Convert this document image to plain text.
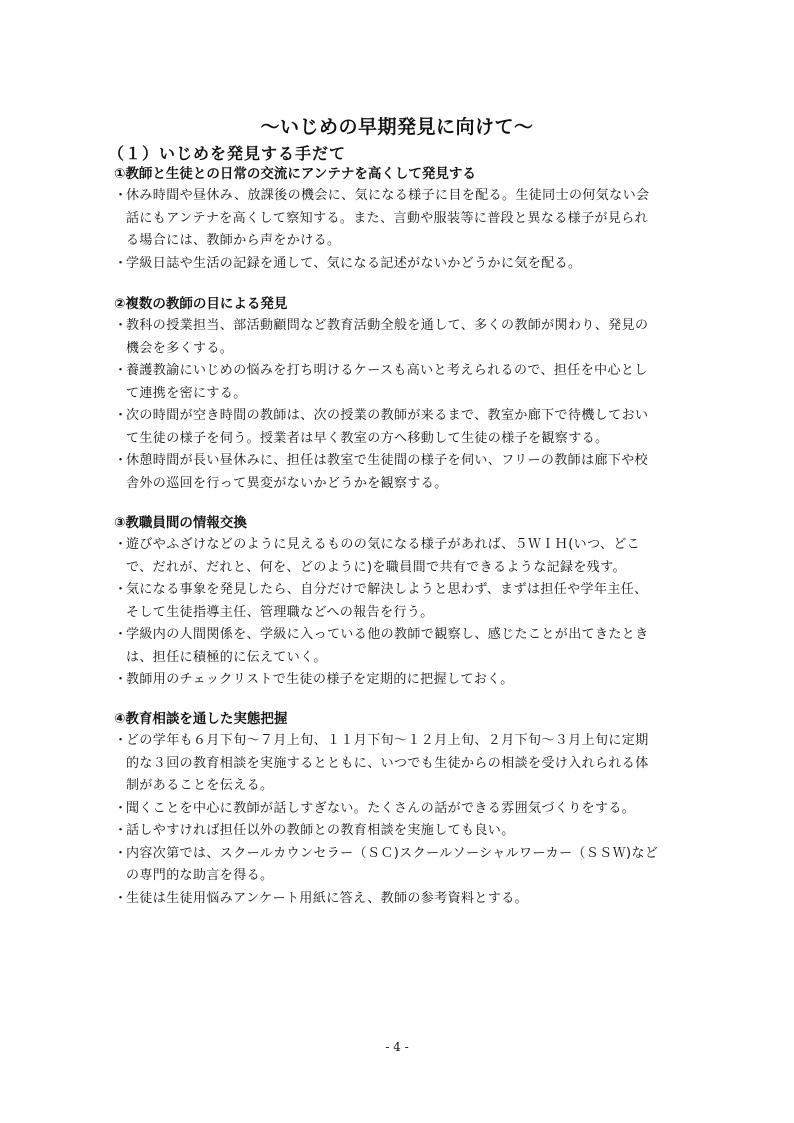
～いじめの早期発見に向けて～
（１）いじめを発見する手だて
①教師と生徒との日常の交流にアンテナを高くして発見する
・
休み時間や昼休み、放課後の機会に、気になる様子に目を配る。生徒同士の何気ない会
話にもアンテナを高くして察知する。また、言動や服装等に普段と異なる様子が見られ
る場合には、教師から声をかける。
・
学級日誌や生活の記録を通して、気になる記述がないかどうかに気を配る。
②複数の教師の目による発見
・
教科の授業担当、部活動顧問など教育活動全般を通して、多くの教師が関わり、発見の
機会を多くする。
・
養護教諭にいじめの悩みを打ち明けるケースも高いと考えられるので、担任を中心とし
て連携を密にする。
・
次の時間が空き時間の教師は、次の授業の教師が来るまで、教室か廊下で待機しておい
て生徒の様子を伺う。授業者は早く教室の方へ移動して生徒の様子を観察する。
・
休憩時間が長い昼休みに、担任は教室で生徒間の様子を伺い、フリーの教師は廊下や校
舎外の巡回を行って異変がないかどうかを観察する。
③教職員間の情報交換
・
遊びやふざけなどのように見えるものの気になる様子があれば、５ＷＩＨ(いつ、どこ
で、だれが、だれと、何を、どのように)を職員間で共有できるような記録を残す。
・
気になる事象を発見したら、自分だけで解決しようと思わず、まずは担任や学年主任、
そして生徒指導主任、管理職などへの報告を行う。
・
学級内の人間関係を、学級に入っている他の教師で観察し、感じたことが出てきたとき
は、担任に積極的に伝えていく。
・
教師用のチェックリストで生徒の様子を定期的に把握しておく。
④教育相談を通した実態把握
・
どの学年も６月下旬～７月上旬、１１月下旬～１２月上旬、２月下旬～３月上旬に定期
的な３回の教育相談を実施するとともに、いつでも生徒からの相談を受け入れられる体
制があることを伝える。
・
聞くことを中心に教師が話しすぎない。たくさんの話ができる雰囲気づくりをする。
・
話しやすければ担任以外の教師との教育相談を実施しても良い。
・
内容次第では、スクールカウンセラー（ＳＣ)スクールソーシャルワーカー（ＳＳＷ)など
の専門的な助言を得る。
・
生徒は生徒用悩みアンケート用紙に答え、教師の参考資料とする。
- 4 -
